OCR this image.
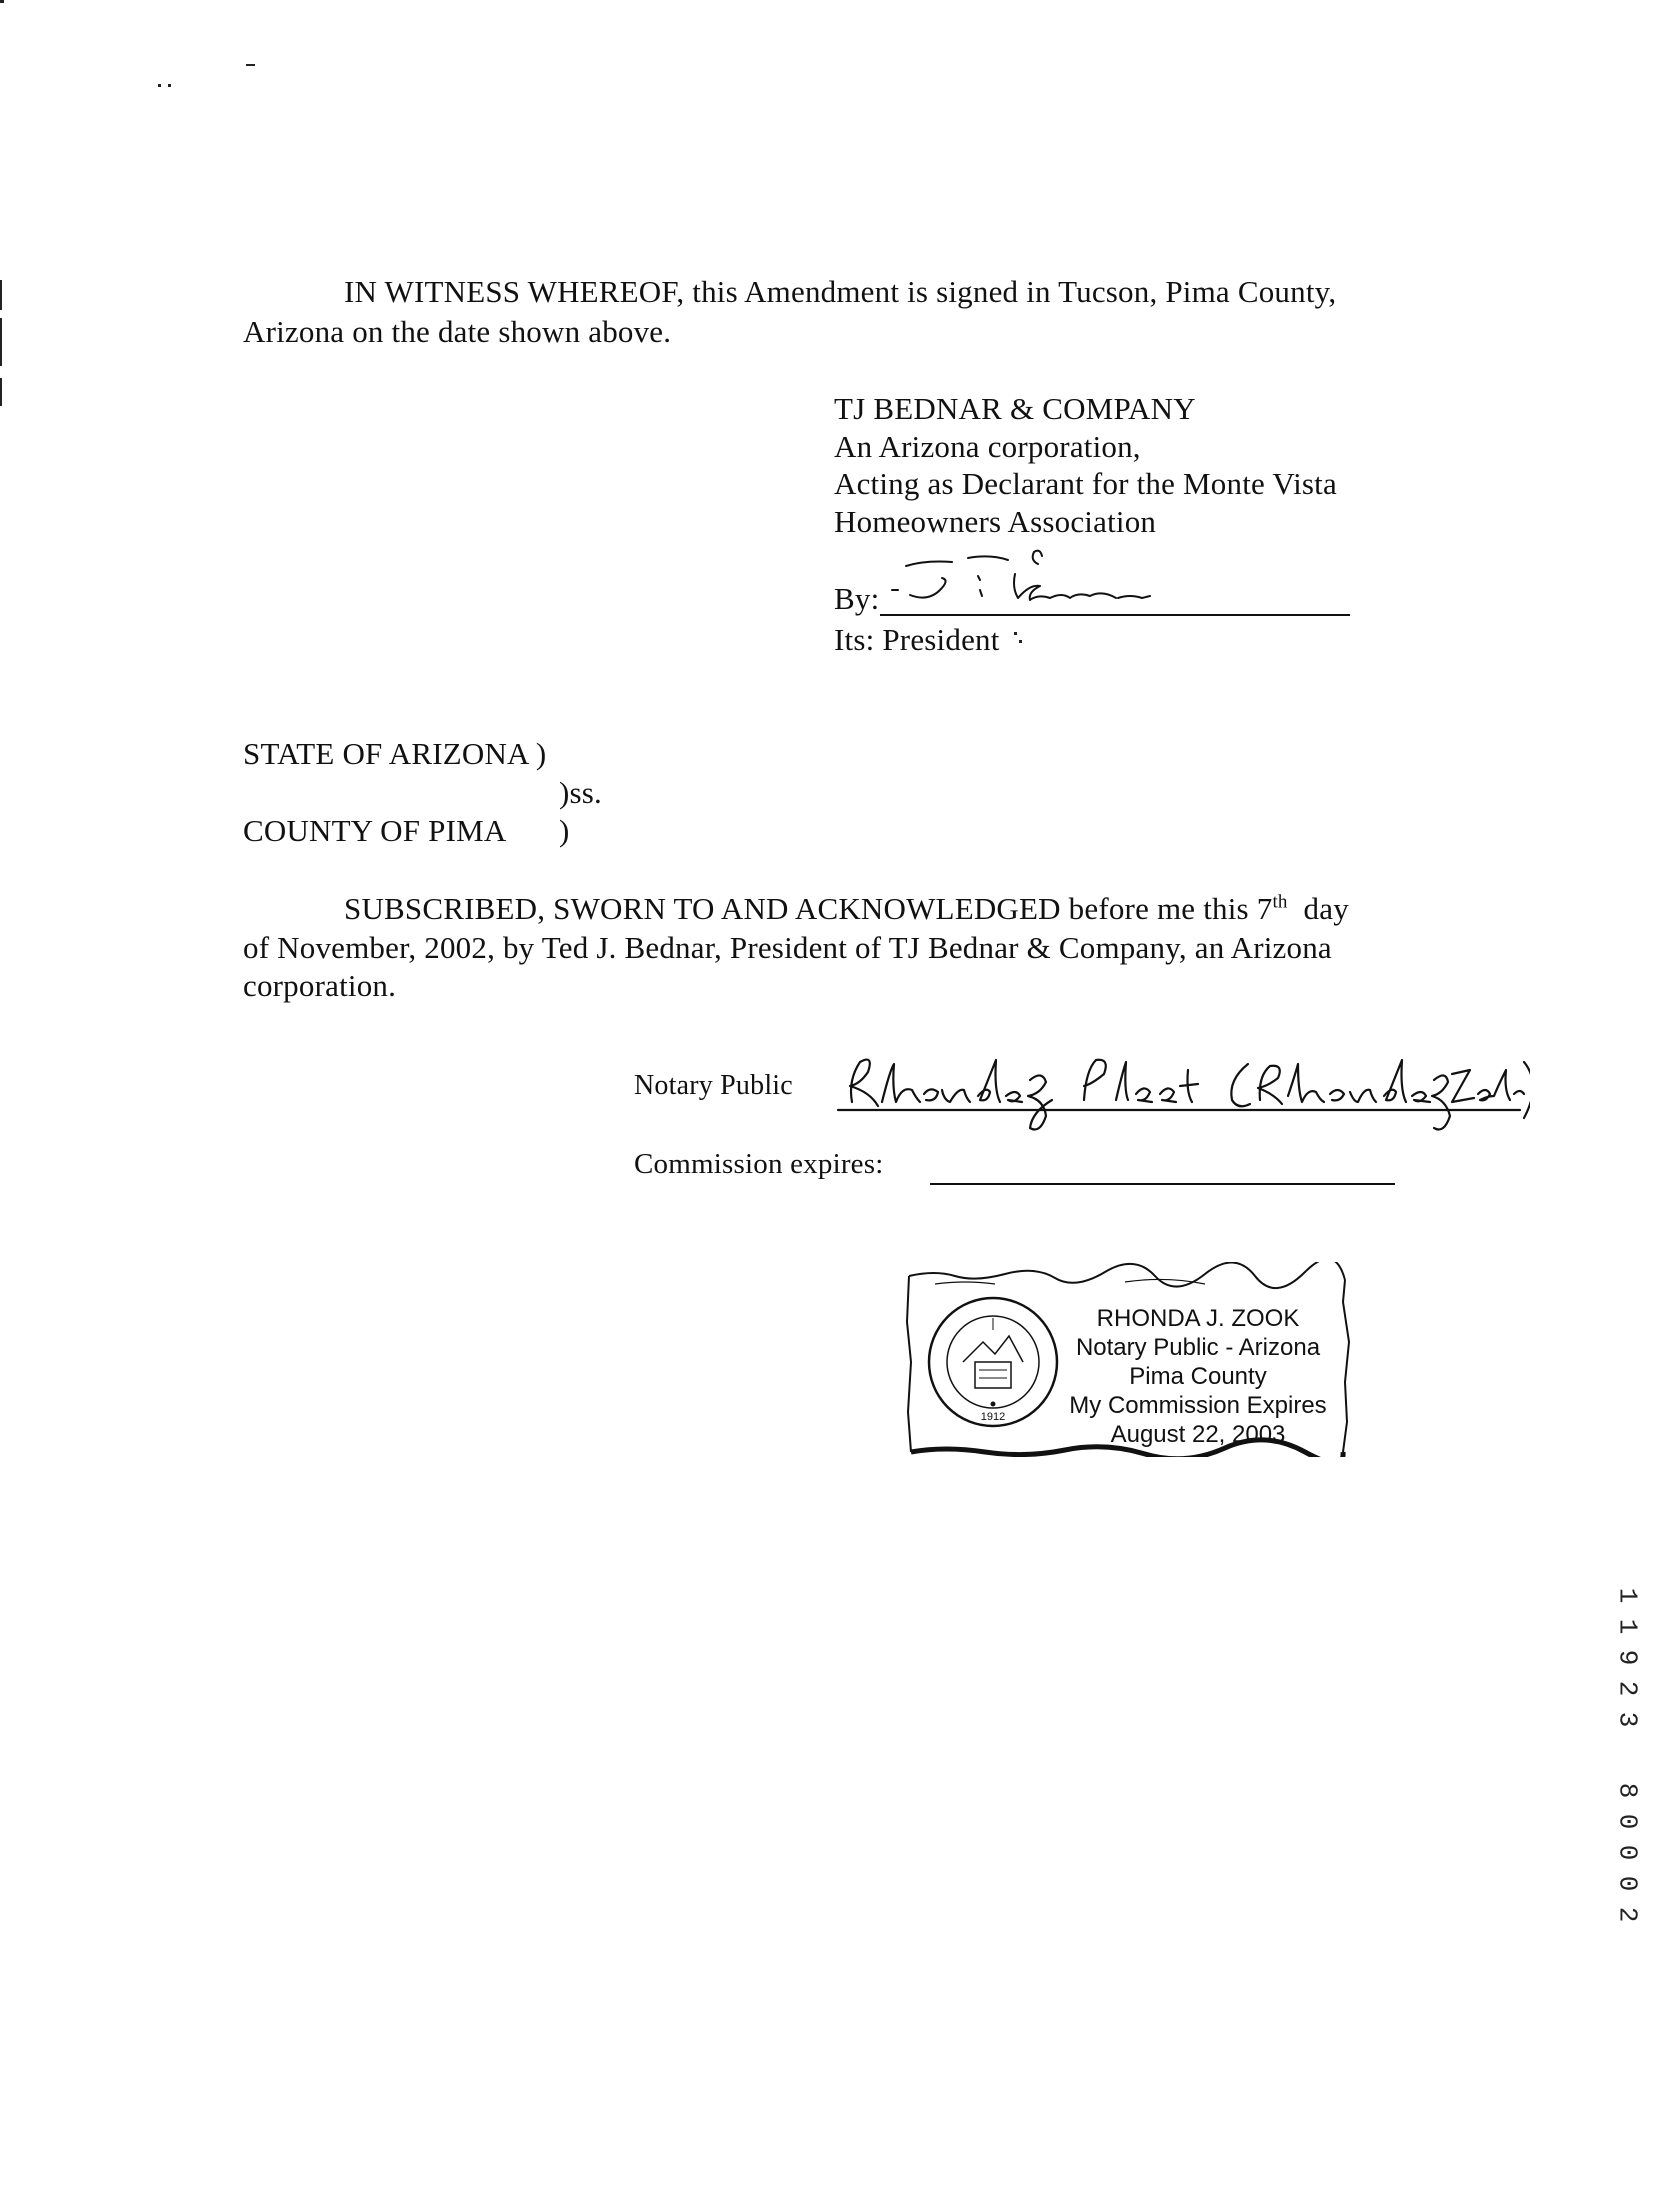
IN WITNESS WHEREOF, this Amendment is signed in Tucson, Pima County,
Arizona on the date shown above.
TJ BEDNAR & COMPANY
An Arizona corporation,
Acting as Declarant for the Monte Vista
Homeowners Association
By:
Its: President
STATE OF ARIZONA )
)ss.
COUNTY OF PIMA )
SUBSCRIBED, SWORN TO AND ACKNOWLEDGED before me this 7th day
of November, 2002, by Ted J. Bednar, President of TJ Bednar & Company, an Arizona
corporation.
Notary Public
Commission expires:
1912
RHONDA J. ZOOK
Notary Public - Arizona
Pima County
My Commission Expires
August 22, 2003
1
1
9
2
3
8
0
0
0
2
